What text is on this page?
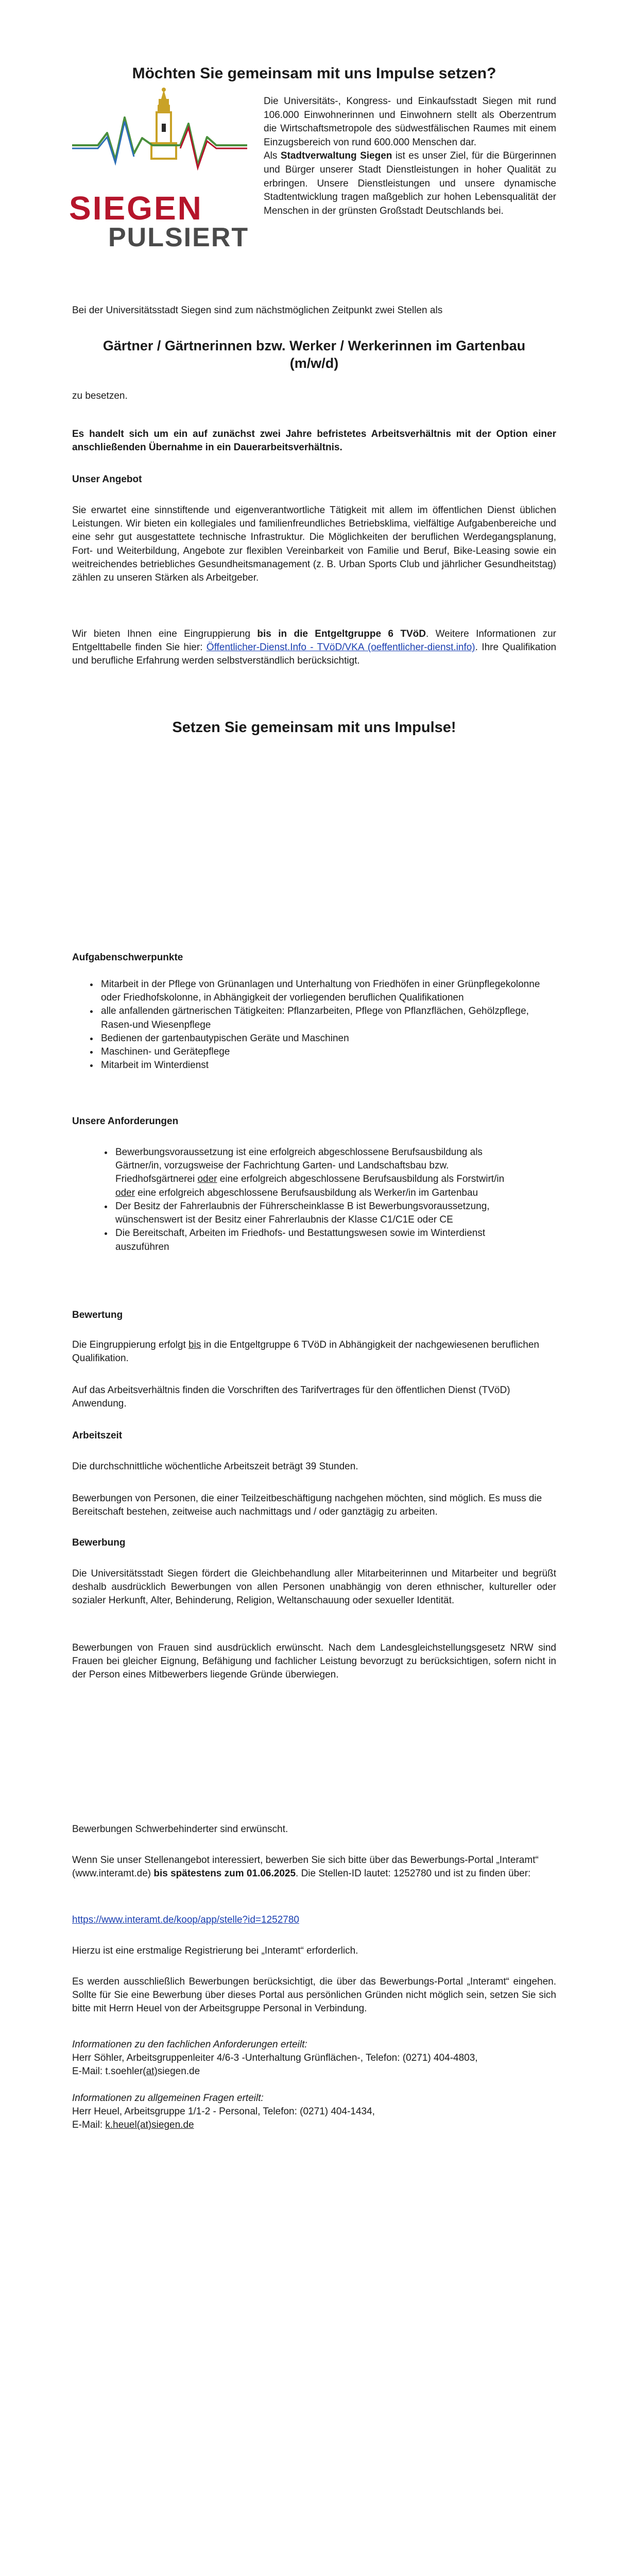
Möchten Sie gemeinsam mit uns Impulse setzen?
SIEGEN
PULSIERT

Die Universitäts-, Kongress- und Einkaufsstadt Siegen mit rund 106.000 Einwohnerinnen und Einwohnern stellt als Oberzentrum die Wirtschaftsmetropole des südwestfälischen Raumes mit einem Einzugsbereich von rund 600.000 Menschen dar.

Als Stadtverwaltung Siegen ist es unser Ziel, für die Bürgerinnen und Bürger unserer Stadt Dienstleistungen in hoher Qualität zu erbringen. Unsere Dienstleistungen und unsere dynamische Stadtentwicklung tragen maßgeblich zur hohen Lebensqualität der Menschen in der grünsten Großstadt Deutschlands bei.

Bei der Universitätsstadt Siegen sind zum nächstmöglichen Zeitpunkt zwei Stellen als

Gärtner / Gärtnerinnen bzw. Werker / Werkerinnen im Gartenbau
(m/w/d)

zu besetzen.

Es handelt sich um ein auf zunächst zwei Jahre befristetes Arbeitsverhältnis mit der Option einer anschließenden Übernahme in ein Dauerarbeitsverhältnis.

Unser Angebot

Sie erwartet eine sinnstiftende und eigenverantwortliche Tätigkeit mit allem im öffentlichen Dienst üblichen Leistungen. Wir bieten ein kollegiales und familienfreundliches Betriebsklima, vielfältige Aufgabenbereiche und eine sehr gut ausgestattete technische Infrastruktur. Die Möglichkeiten der beruflichen Werdegangsplanung, Fort- und Weiterbildung, Angebote zur flexiblen Vereinbarkeit von Familie und Beruf, Bike-Leasing sowie ein weitreichendes betriebliches Gesundheitsmanagement (z. B. Urban Sports Club und jährlicher Gesundheitstag) zählen zu unseren Stärken als Arbeitgeber.

Wir bieten Ihnen eine Eingruppierung bis in die Entgeltgruppe 6 TVöD. Weitere Informationen zur Entgelttabelle finden Sie hier: Öffentlicher-Dienst.Info - TVöD/VKA (oeffentlicher-dienst.info). Ihre Qualifikation und berufliche Erfahrung werden selbstverständlich berücksichtigt.

Setzen Sie gemeinsam mit uns Impulse!

Aufgabenschwerpunkte

• Mitarbeit in der Pflege von Grünanlagen und Unterhaltung von Friedhöfen in einer Grünpflegekolonne oder Friedhofskolonne, in Abhängigkeit der vorliegenden beruflichen Qualifikationen
• alle anfallenden gärtnerischen Tätigkeiten: Pflanzarbeiten, Pflege von Pflanzflächen, Gehölzpflege, Rasen-und Wiesenpflege
• Bedienen der gartenbautypischen Geräte und Maschinen
• Maschinen- und Gerätepflege
• Mitarbeit im Winterdienst

Unsere Anforderungen

• Bewerbungsvoraussetzung ist eine erfolgreich abgeschlossene Berufsausbildung als Gärtner/in, vorzugsweise der Fachrichtung Garten- und Landschaftsbau bzw. Friedhofsgärtnerei oder eine erfolgreich abgeschlossene Berufsausbildung als Forstwirt/in oder eine erfolgreich abgeschlossene Berufsausbildung als Werker/in im Gartenbau
• Der Besitz der Fahrerlaubnis der Führerscheinklasse B ist Bewerbungsvoraussetzung, wünschenswert ist der Besitz einer Fahrerlaubnis der Klasse C1/C1E oder CE
• Die Bereitschaft, Arbeiten im Friedhofs- und Bestattungswesen sowie im Winterdienst auszuführen

Bewertung

Die Eingruppierung erfolgt bis in die Entgeltgruppe 6 TVöD in Abhängigkeit der nachgewiesenen beruflichen Qualifikation.

Auf das Arbeitsverhältnis finden die Vorschriften des Tarifvertrages für den öffentlichen Dienst (TVöD) Anwendung.

Arbeitszeit

Die durchschnittliche wöchentliche Arbeitszeit beträgt 39 Stunden.

Bewerbungen von Personen, die einer Teilzeitbeschäftigung nachgehen möchten, sind möglich. Es muss die Bereitschaft bestehen, zeitweise auch nachmittags und / oder ganztägig zu arbeiten.

Bewerbung

Die Universitätsstadt Siegen fördert die Gleichbehandlung aller Mitarbeiterinnen und Mitarbeiter und begrüßt deshalb ausdrücklich Bewerbungen von allen Personen unabhängig von deren ethnischer, kultureller oder sozialer Herkunft, Alter, Behinderung, Religion, Weltanschauung oder sexueller Identität.

Bewerbungen von Frauen sind ausdrücklich erwünscht. Nach dem Landesgleichstellungsgesetz NRW sind Frauen bei gleicher Eignung, Befähigung und fachlicher Leistung bevorzugt zu berücksichtigen, sofern nicht in der Person eines Mitbewerbers liegende Gründe überwiegen.

Bewerbungen Schwerbehinderter sind erwünscht.

Wenn Sie unser Stellenangebot interessiert, bewerben Sie sich bitte über das Bewerbungs-Portal „Interamt“ (www.interamt.de) bis spätestens zum 01.06.2025. Die Stellen-ID lautet: 1252780 und ist zu finden über:

https://www.interamt.de/koop/app/stelle?id=1252780

Hierzu ist eine erstmalige Registrierung bei „Interamt“ erforderlich.

Es werden ausschließlich Bewerbungen berücksichtigt, die über das Bewerbungs-Portal „Interamt“ eingehen. Sollte für Sie eine Bewerbung über dieses Portal aus persönlichen Gründen nicht möglich sein, setzen Sie sich bitte mit Herrn Heuel von der Arbeitsgruppe Personal in Verbindung.

Informationen zu den fachlichen Anforderungen erteilt:

Herr Söhler, Arbeitsgruppenleiter 4/6-3 -Unterhaltung Grünflächen-, Telefon: (0271) 404-4803,

E-Mail: t.soehler(at)siegen.de

Informationen zu allgemeinen Fragen erteilt:

Herr Heuel, Arbeitsgruppe 1/1-2 - Personal, Telefon: (0271) 404-1434,

E-Mail: k.heuel(at)siegen.de
